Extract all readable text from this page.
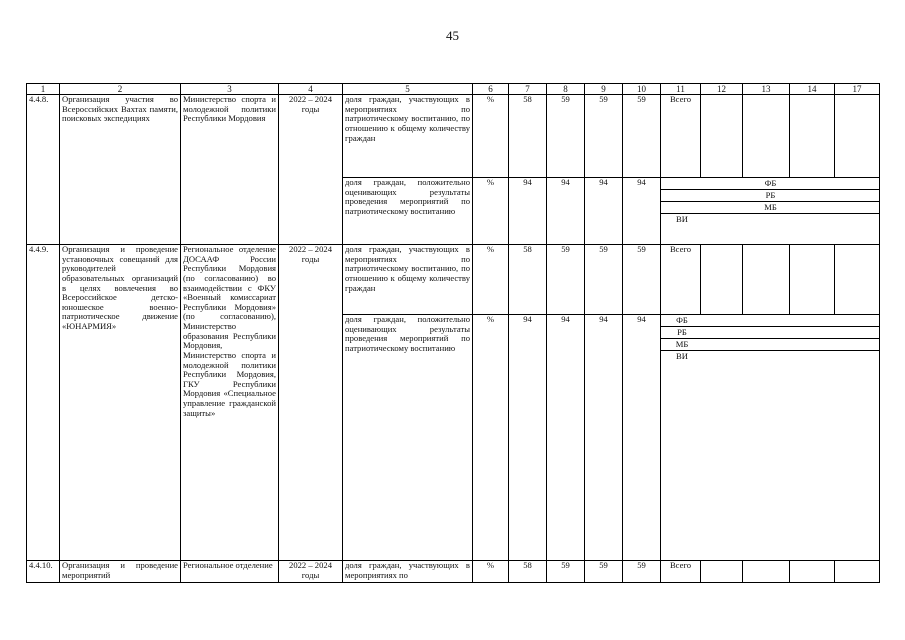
45
1	2	3	4	5	6	7	8	9	10	11	12	13	14	17
4.4.8.	Организация участия во Всероссийских Вахтах памяти, поисковых экспедициях	Министерство спорта и молодежной политики Республики Мордовия	2022 – 2024 годы	доля граждан, участвующих в мероприятиях по патриотическому воспитанию, по отношению к общему количеству граждан	%	58	59	59	59	Всего				
				доля граждан, положительно оценивающих результаты проведения мероприятий по патриотическому воспитанию	%	94	94	94	94	ФБ
РБ
МБ
ВИ				

4.4.9.	Организация и проведение установочных совещаний для руководителей образовательных организаций в целях вовлечения во Всероссийское детско-юношеское военно-патриотическое движение «ЮНАРМИЯ»	Региональное отделение ДОСААФ России Республики Мордовия (по согласованию) во взаимодействии с ФКУ «Военный комиссариат Республики Мордовия» (по согласованию), Министерство образования Республики Мордовия, Министерство спорта и молодежной политики Республики Мордовия, ГКУ Республики Мордовия «Специальное управление гражданской защиты»	2022 – 2024 годы	доля граждан, участвующих в мероприятиях по патриотическому воспитанию, по отношению к общему количеству граждан	%	58	59	59	59	Всего				
				доля граждан, положительно оценивающих результаты проведения мероприятий по патриотическому воспитанию	%	94	94	94	94	ФБ
РБ
МБ
ВИ				

4.4.10.	Организация и проведение мероприятий	Региональное отделение	2022 – 2024 годы	доля граждан, участвующих в мероприятиях по	%	58	59	59	59	Всего				
